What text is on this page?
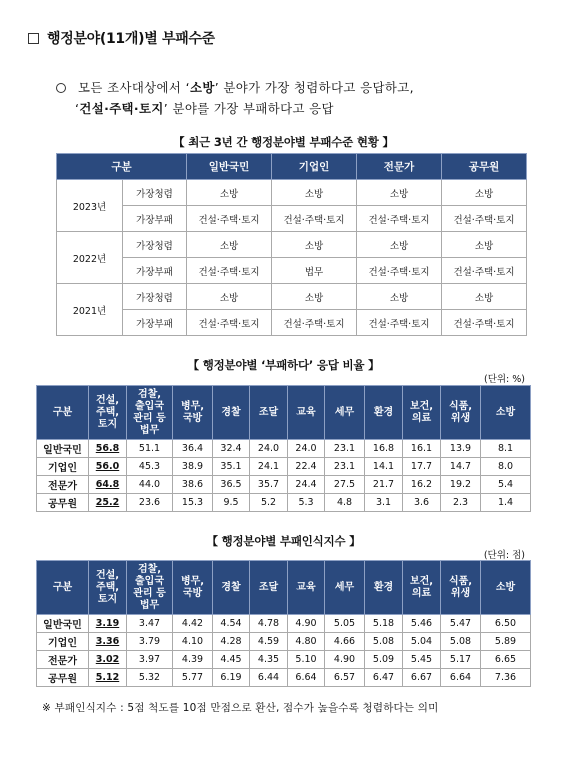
행정분야(11개)별 부패수준
모든 조사대상에서 ‘소방’ 분야가 가장 청렴하다고 응답하고,
‘건설·주택·토지’ 분야를 가장 부패하다고 응답
【 최근 3년 간 행정분야별 부패수준 현황 】
구분		일반국민	기업인	전문가	공무원
2023년	가장청렴	소방	소방	소방	소방
	가장부패	건설·주택·토지	건설·주택·토지	건설·주택·토지	건설·주택·토지
2022년	가장청렴	소방	소방	소방	소방
	가장부패	건설·주택·토지	법무	건설·주택·토지	건설·주택·토지
2021년	가장청렴	소방	소방	소방	소방
	가장부패	건설·주택·토지	건설·주택·토지	건설·주택·토지	건설·주택·토지
【 행정분야별 ‘부패하다’ 응답 비율 】
(단위: %)
구분	건설,
주택,
토지	검찰,
출입국
관리 등
법무	병무,
국방	경찰	조달	교육	세무	환경	보건,
의료	식품,
위생	소방
일반국민	56.8	51.1	36.4	32.4	24.0	24.0	23.1	16.8	16.1	13.9	8.1
기업인	56.0	45.3	38.9	35.1	24.1	22.4	23.1	14.1	17.7	14.7	8.0
전문가	64.8	44.0	38.6	36.5	35.7	24.4	27.5	21.7	16.2	19.2	5.4
공무원	25.2	23.6	15.3	9.5	5.2	5.3	4.8	3.1	3.6	2.3	1.4
【 행정분야별 부패인식지수 】
(단위: 점)
구분	건설,
주택,
토지	검찰,
출입국
관리 등
법무	병무,
국방	경찰	조달	교육	세무	환경	보건,
의료	식품,
위생	소방
일반국민	3.19	3.47	4.42	4.54	4.78	4.90	5.05	5.18	5.46	5.47	6.50
기업인	3.36	3.79	4.10	4.28	4.59	4.80	4.66	5.08	5.04	5.08	5.89
전문가	3.02	3.97	4.39	4.45	4.35	5.10	4.90	5.09	5.45	5.17	6.65
공무원	5.12	5.32	5.77	6.19	6.44	6.64	6.57	6.47	6.67	6.64	7.36
※ 부패인식지수 : 5점 척도를 10점 만점으로 환산, 점수가 높을수록 청렴하다는 의미
